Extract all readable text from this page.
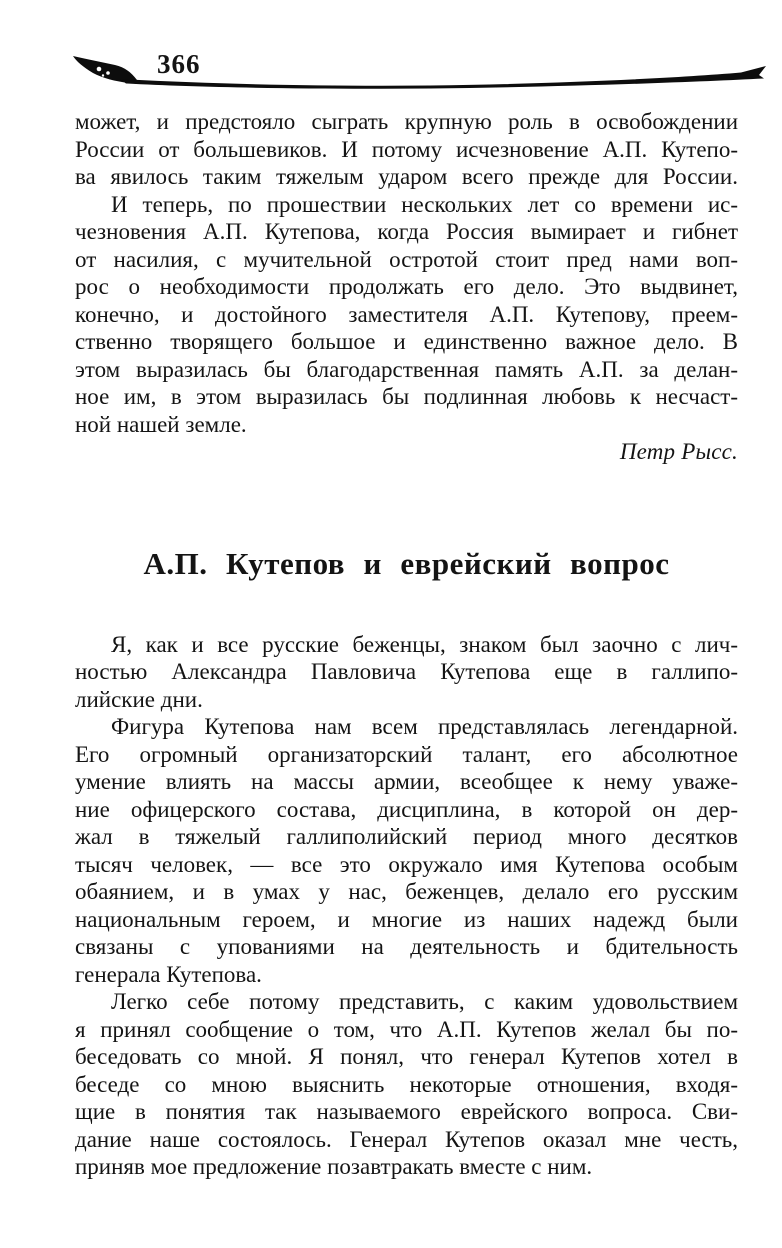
366
может, и предстояло сыграть крупную роль в освобождении
России от большевиков. И потому исчезновение А.П. Кутепо-
ва явилось таким тяжелым ударом всего прежде для России.
И теперь, по прошествии нескольких лет со времени ис-
чезновения А.П. Кутепова, когда Россия вымирает и гибнет
от насилия, с мучительной остротой стоит пред нами воп-
рос о необходимости продолжать его дело. Это выдвинет,
конечно, и достойного заместителя А.П. Кутепову, преем-
ственно творящего большое и единственно важное дело. В
этом выразилась бы благодарственная память А.П. за делан-
ное им, в этом выразилась бы подлинная любовь к несчаст-
ной нашей земле.
Петр Рысс.
А.П. Кутепов и еврейский вопрос
Я, как и все русские беженцы, знаком был заочно с лич-
ностью Александра Павловича Кутепова еще в галлипо-
лийские дни.
Фигура Кутепова нам всем представлялась легендарной.
Его огромный организаторский талант, его абсолютное
умение влиять на массы армии, всеобщее к нему уваже-
ние офицерского состава, дисциплина, в которой он дер-
жал в тяжелый галлиполийский период много десятков
тысяч человек, — все это окружало имя Кутепова особым
обаянием, и в умах у нас, беженцев, делало его русским
национальным героем, и многие из наших надежд были
связаны с упованиями на деятельность и бдительность
генерала Кутепова.
Легко себе потому представить, с каким удовольствием
я принял сообщение о том, что А.П. Кутепов желал бы по-
беседовать со мной. Я понял, что генерал Кутепов хотел в
беседе со мною выяснить некоторые отношения, входя-
щие в понятия так называемого еврейского вопроса. Сви-
дание наше состоялось. Генерал Кутепов оказал мне честь,
приняв мое предложение позавтракать вместе с ним.
